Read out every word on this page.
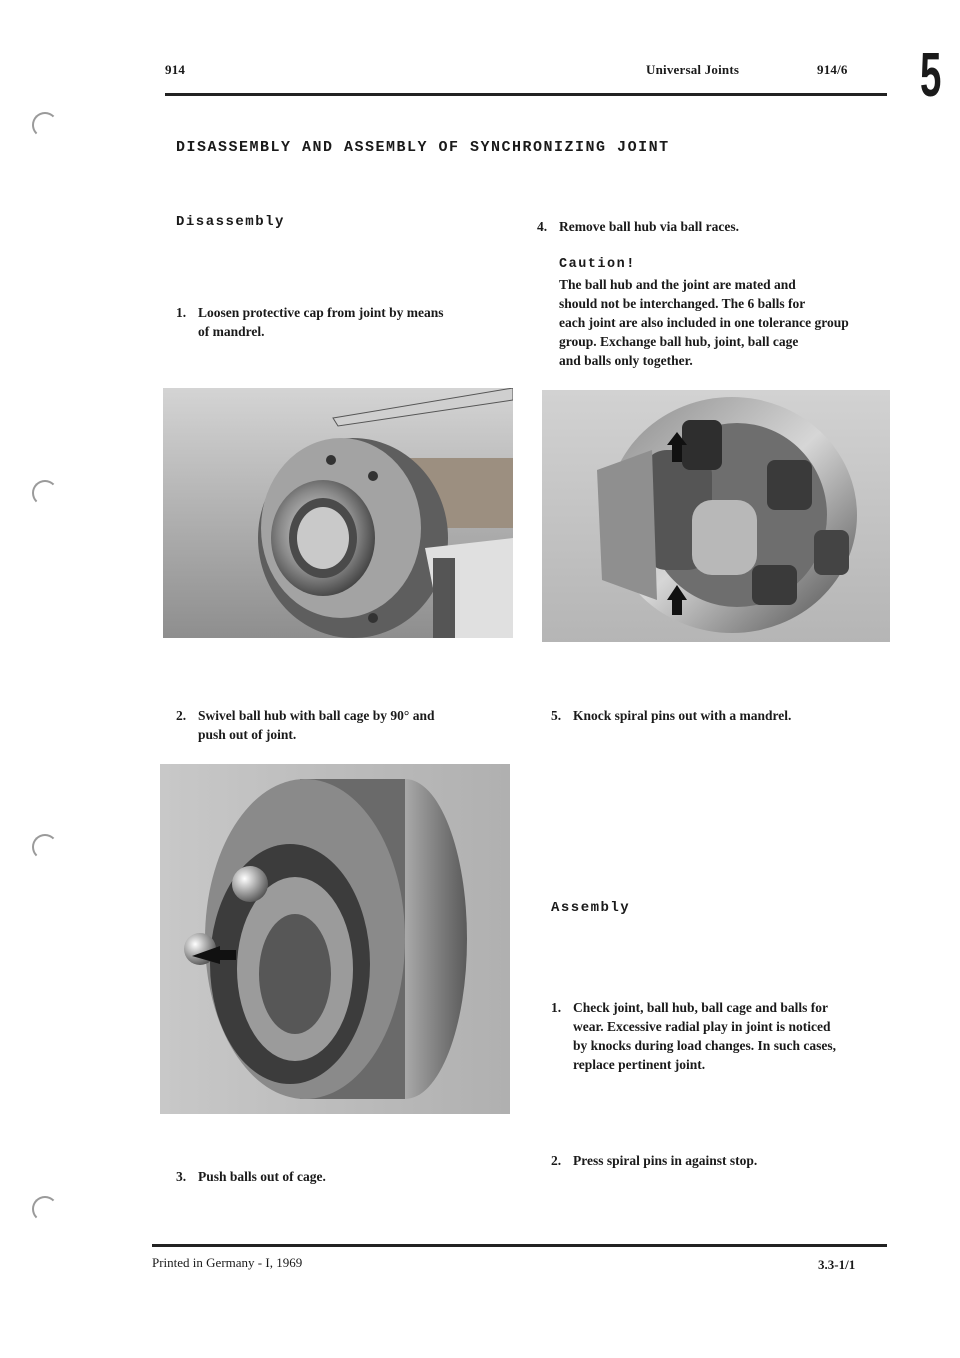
914	Universal Joints	914/6 5
DISASSEMBLY AND ASSEMBLY OF SYNCHRONIZING JOINT
Disassembly
1. Loosen protective cap from joint by means
of mandrel.
2. Swivel ball hub with ball cage by 90° and
push out of joint.
3. Push balls out of cage.
4. Remove ball hub via ball races.
Caution!
The ball hub and the joint are mated and
should not be interchanged. The 6 balls for
each joint are also included in one tolerance group
group. Exchange ball hub, joint, ball cage
and balls only together.
5. Knock spiral pins out with a mandrel.
Assembly
1. Check joint, ball hub, ball cage and balls for
wear. Excessive radial play in joint is noticed
by knocks during load changes. In such cases,
replace pertinent joint.
2. Press spiral pins in against stop.
Printed in Germany - I, 1969	3.3-1/1
